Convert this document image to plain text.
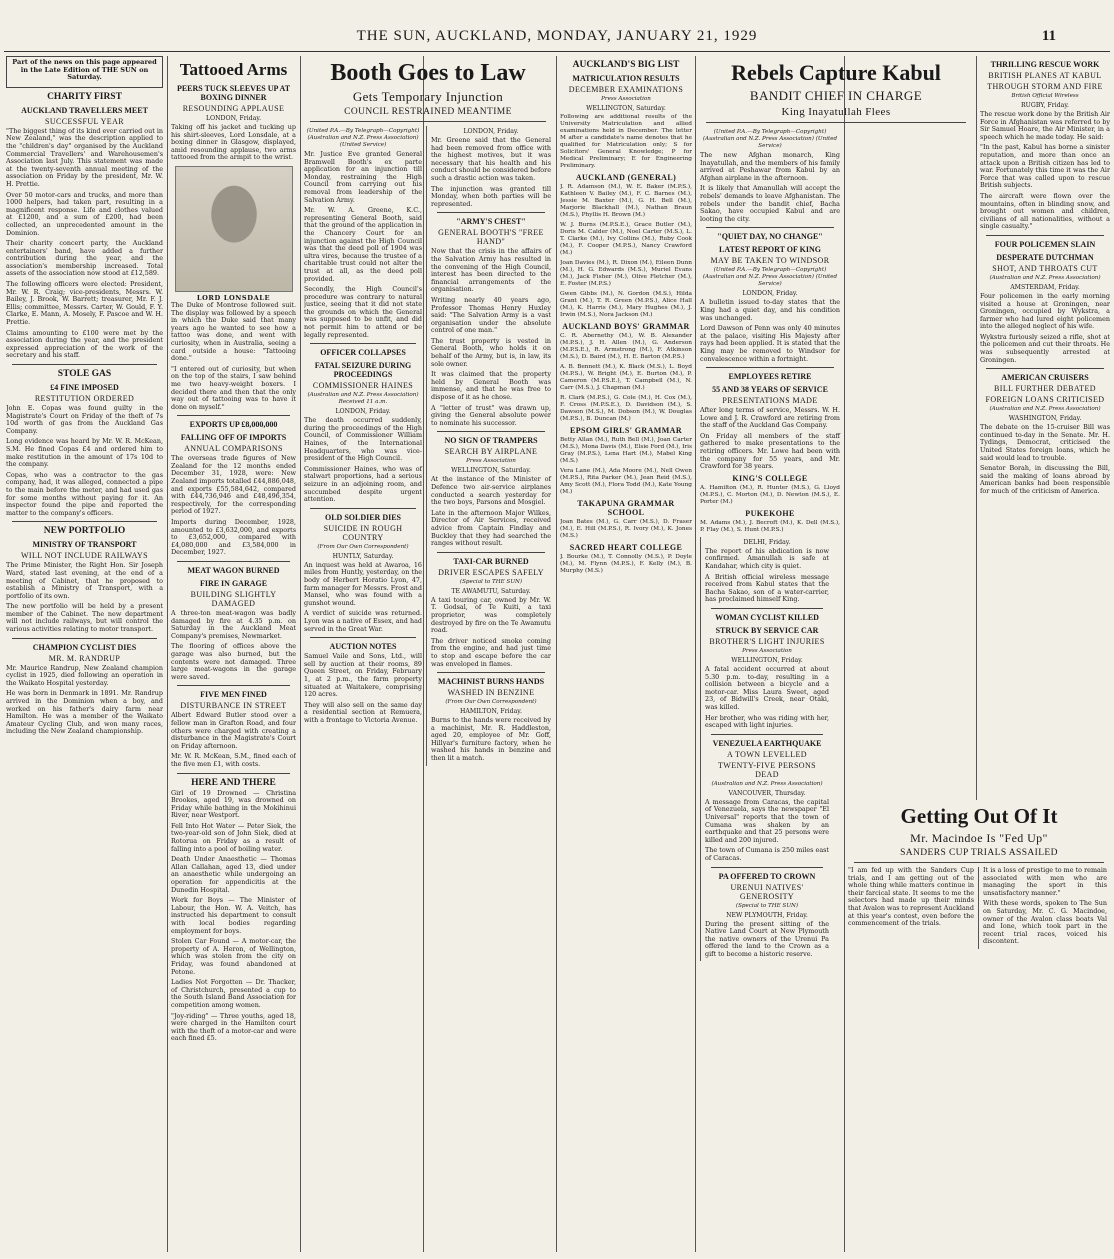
THE SUN, AUCKLAND, MONDAY, JANUARY 21, 1929	11

Part of the news on this page appeared in the Late Edition of THE SUN on Saturday.

CHARITY FIRST
AUCKLAND TRAVELLERS MEET
SUCCESSFUL YEAR

"The biggest thing of its kind ever carried out in New Zealand," was the description applied to the "children's day" organised by the Auckland Commercial Travellers' and Warehousemen's Association last July. This statement was made at the twenty-seventh annual meeting of the association on Friday by the president, Mr. W. H. Prettie.

Over 50 motor-cars and trucks, and more than 1000 helpers, had taken part, resulting in a magnificent response. Life and clothes valued at £1200, and a sum of £200, had been collected, an unprecedented amount in the Dominion.

Their charity concert party, the Auckland entertainers' band, have added a further contribution during the year, and the association's membership increased. Total assets of the association now stood at £12,589.

The following officers were elected: President, Mr. W. R. Craig; vice-presidents, Messrs. W. Bailey, J. Brook, W. Barrett; treasurer, Mr. F. J. Ellis; committee, Messrs. Carter, W. Gould, F. Y. Clarke, E. Mann, A. Mosely, F. Pascoe and W. H. Prettie.

Claims amounting to £100 were met by the association during the year, and the president expressed appreciation of the work of the secretary and his staff.

STOLE GAS
£4 FINE IMPOSED
RESTITUTION ORDERED

John E. Copas was found guilty in the Magistrate's Court on Friday of the theft of 7s 10d worth of gas from the Auckland Gas Company.

Long evidence was heard by Mr. W. R. McKean, S.M. He fined Copas £4 and ordered him to make restitution in the amount of 17s 10d to the company.

Copas, who was a contractor to the gas company, had, it was alleged, connected a pipe to the main before the meter, and had used gas for some months without paying for it. An inspector found the pipe and reported the matter to the company's officers.

NEW PORTFOLIO
MINISTRY OF TRANSPORT
WILL NOT INCLUDE RAILWAYS

The Prime Minister, the Right Hon. Sir Joseph Ward, stated last evening, at the end of a meeting of Cabinet, that he proposed to establish a Ministry of Transport, with a portfolio of its own.

The new portfolio will be held by a present member of the Cabinet. The new department will not include railways, but will control the various activities relating to motor transport.

CHAMPION CYCLIST DIES
MR. M. RANDRUP

Mr. Maurice Randrup, New Zealand champion cyclist in 1925, died following an operation in the Waikato Hospital yesterday.

He was born in Denmark in 1891. Mr. Randrup arrived in the Dominion when a boy, and worked on his father's dairy farm near Hamilton. He was a member of the Waikato Amateur Cycling Club, and won many races, including the New Zealand championship.

Tattooed Arms
PEERS TUCK SLEEVES UP AT BOXING DINNER
RESOUNDING APPLAUSE
LONDON, Friday.

Taking off his jacket and tucking up his shirt-sleeves, Lord Lonsdale, at a boxing dinner in Glasgow, displayed, amid resounding applause, two arms tattooed from the armpit to the wrist.

LORD LONSDALE

The Duke of Montrose followed suit. The display was followed by a speech in which the Duke said that many years ago he wanted to see how a tattoo was done, and went with curiosity, when in Australia, seeing a card outside a house: "Tattooing done."

"I entered out of curiosity, but when on the top of the stairs, I saw behind me two heavy-weight boxers. I decided there and then that the only way out of tattooing was to have it done on myself."

EXPORTS UP £8,000,000
FALLING OFF OF IMPORTS
ANNUAL COMPARISONS

The overseas trade figures of New Zealand for the 12 months ended December 31, 1928, were: New Zealand imports totalled £44,886,048, and exports £55,584,642, compared with £44,736,946 and £48,496,354, respectively, for the corresponding period of 1927.

Imports during December, 1928, amounted to £3,632,000, and exports to £3,652,000, compared with £4,080,000 and £3,584,000 in December, 1927.

MEAT WAGON BURNED
FIRE IN GARAGE
BUILDING SLIGHTLY DAMAGED

A three-ton meat-wagon was badly damaged by fire at 4.35 p.m. on Saturday in the Auckland Meat Company's premises, Newmarket.

The flooring of offices above the garage was also burned, but the contents were not damaged. Three large meat-wagons in the garage were saved.

FIVE MEN FINED
DISTURBANCE IN STREET

Albert Edward Butler stood over a fellow man in Grafton Road, and four others were charged with creating a disturbance in the Magistrate's Court on Friday afternoon.

Mr. W. R. McKean, S.M., fined each of the five men £1, with costs.

HERE AND THERE

Girl of 19 Drowned — Christina Brookes, aged 19, was drowned on Friday while bathing in the Mokihinui River, near Westport.

Fell Into Hot Water — Peter Siek, the two-year-old son of John Siek, died at Rotorua on Friday as a result of falling into a pool of boiling water.

Death Under Anaesthetic — Thomas Allan Callahan, aged 13, died under an anaesthetic while undergoing an operation for appendicitis at the Dunedin Hospital.

Work for Boys — The Minister of Labour, the Hon. W. A. Veitch, has instructed his department to consult with local bodies regarding employment for boys.

Stolen Car Found — A motor-car, the property of A. Heron, of Wellington, which was stolen from the city on Friday, was found abandoned at Petone.

Ladies Not Forgotten — Dr. Thacker, of Christchurch, presented a cup to the South Island Band Association for competition among women.

"Joy-riding" — Three youths, aged 18, were charged in the Hamilton court with the theft of a motor-car and were each fined £5.

Booth Goes to Law
Gets Temporary Injunction
COUNCIL RESTRAINED MEANTIME
(United P.A.—By Telegraph—Copyright) (Australian and N.Z. Press Association) (United Service)

Mr. Justice Eve granted General Bramwell Booth's ex parte application for an injunction till Monday, restraining the High Council from carrying out his removal from leadership of the Salvation Army.

Mr. W. A. Greene, K.C., representing General Booth, said that the ground of the application in the Chancery Court for an injunction against the High Council was that the deed poll of 1904 was ultra vires, because the trustee of a charitable trust could not alter the trust at all, as the deed poll provided.

Secondly, the High Council's procedure was contrary to natural justice, seeing that it did not state the grounds on which the General was supposed to be unfit, and did not permit him to attend or be legally represented.

OFFICER COLLAPSES
FATAL SEIZURE DURING PROCEEDINGS
COMMISSIONER HAINES
(Australian and N.Z. Press Association) Received 11 a.m.
LONDON, Friday.

The death occurred suddenly, during the proceedings of the High Council, of Commissioner William Haines, of the International Headquarters, who was vice-president of the High Council.

Commissioner Haines, who was of stalwart proportions, had a serious seizure in an adjoining room, and succumbed despite urgent attention.

OLD SOLDIER DIES
SUICIDE IN ROUGH COUNTRY
(From Our Own Correspondent)
HUNTLY, Saturday.

An inquest was held at Awaroa, 16 miles from Huntly, yesterday, on the body of Herbert Horatio Lyon, 47, farm manager for Messrs. Frost and Mansel, who was found with a gunshot wound.

A verdict of suicide was returned. Lyon was a native of Essex, and had served in the Great War.

AUCTION NOTES

Samuel Vaile and Sons, Ltd., will sell by auction at their rooms, 89 Queen Street, on Friday, February 1, at 2 p.m., the farm property situated at Waitakere, comprising 120 acres.

They will also sell on the same day a residential section at Remuera, with a frontage to Victoria Avenue.

LONDON, Friday.

Mr. Greene said that the General had been removed from office with the highest motives, but it was necessary that his health and his conduct should be considered before such a drastic action was taken.

The injunction was granted till Monday, when both parties will be represented.

"ARMY'S CHEST"
GENERAL BOOTH'S "FREE HAND"

Now that the crisis in the affairs of the Salvation Army has resulted in the convening of the High Council, interest has been directed to the financial arrangements of the organisation.

Writing nearly 40 years ago, Professor Thomas Henry Huxley said: "The Salvation Army is a vast organisation under the absolute control of one man."

The trust property is vested in General Booth, who holds it on behalf of the Army, but is, in law, its sole owner.

It was claimed that the property held by General Booth was immense, and that he was free to dispose of it as he chose.

A "letter of trust" was drawn up, giving the General absolute power to nominate his successor.

NO SIGN OF TRAMPERS
SEARCH BY AIRPLANE
Press Association
WELLINGTON, Saturday.

At the instance of the Minister of Defence two air-service airplanes conducted a search yesterday for the two boys, Parsons and Mosgiel.

Late in the afternoon Major Wilkes, Director of Air Services, received advice from Captain Findlay and Buckley that they had searched the ranges without result.

TAXI-CAR BURNED
DRIVER ESCAPES SAFELY
(Special to THE SUN)
TE AWAMUTU, Saturday.

A taxi touring car, owned by Mr. W. T. Godsal, of Te Kuiti, a taxi proprietor, was completely destroyed by fire on the Te Awamutu road.

The driver noticed smoke coming from the engine, and had just time to stop and escape before the car was enveloped in flames.

MACHINIST BURNS HANDS
WASHED IN BENZINE
(From Our Own Correspondent)
HAMILTON, Friday.

Burns to the hands were received by a machinist, Mr. R. Haddleston, aged 20, employee of Mr. Goff, Hillyar's furniture factory, when he washed his hands in benzine and then lit a match.

AUCKLAND'S BIG LIST
MATRICULATION RESULTS
DECEMBER EXAMINATIONS
Press Association
WELLINGTON, Saturday.

Following are additional results of the University Matriculation and allied examinations held in December. The letter M after a candidate's name denotes that he qualified for Matriculation only; S for Solicitors' General Knowledge; P for Medical Preliminary; E for Engineering Preliminary.

AUCKLAND (GENERAL)

J. R. Adamson (M.), W. E. Baker (M.P.S.), Kathleen V. Bailey (M.), F. C. Barnes (M.), Jessie M. Baxter (M.), G. H. Bell (M.), Marjorie Blackhall (M.), Nathan Braun (M.S.), Phyllis H. Brown (M.)

W. J. Burns (M.P.S.E.), Grace Butler (M.), Doris M. Calder (M.), Noel Carter (M.S.), L. T. Clarke (M.), Ivy Collins (M.), Ruby Cook (M.), F. Cooper (M.P.S.), Nancy Crawford (M.)

Joan Davies (M.), R. Dixon (M.), Eileen Dunn (M.), H. G. Edwards (M.S.), Muriel Evans (M.), Jack Fisher (M.), Olive Fletcher (M.), E. Foster (M.P.S.)

Gwen Gibbs (M.), N. Gordon (M.S.), Hilda Grant (M.), T. R. Green (M.P.S.), Alice Hall (M.), K. Harris (M.), Mary Hughes (M.), J. Irwin (M.S.), Nora Jackson (M.)

AUCKLAND BOYS' GRAMMAR

C. R. Abernethy (M.), W. B. Alexander (M.P.S.), J. H. Allen (M.), G. Anderson (M.P.S.E.), R. Armstrong (M.), F. Atkinson (M.S.), D. Baird (M.), H. E. Barton (M.P.S.)

A. B. Bennett (M.), K. Black (M.S.), L. Boyd (M.P.S.), W. Bright (M.), E. Burton (M.), P. Cameron (M.P.S.E.), T. Campbell (M.), N. Carr (M.S.), J. Chapman (M.)

R. Clark (M.P.S.), G. Cole (M.), H. Cox (M.), F. Cross (M.P.S.E.), D. Davidson (M.), S. Dawson (M.S.), M. Dobson (M.), W. Douglas (M.P.S.), B. Duncan (M.)

EPSOM GIRLS' GRAMMAR

Betty Allan (M.), Ruth Bell (M.), Joan Carter (M.S.), Mona Davis (M.), Elsie Ford (M.), Iris Gray (M.P.S.), Lena Hart (M.), Mabel King (M.S.)

Vera Lane (M.), Ada Moore (M.), Nell Owen (M.P.S.), Rita Parker (M.), Jean Reid (M.S.), Amy Scott (M.), Flora Todd (M.), Kate Young (M.)

TAKAPUNA GRAMMAR SCHOOL

Joan Bates (M.), G. Carr (M.S.), D. Fraser (M.), E. Hill (M.P.S.), R. Ivory (M.), K. Jones (M.S.)

SACRED HEART COLLEGE

J. Bourke (M.), T. Connolly (M.S.), P. Doyle (M.), M. Flynn (M.P.S.), F. Kelly (M.), B. Murphy (M.S.)

Rebels Capture Kabul
BANDIT CHIEF IN CHARGE
King Inayatullah Flees
(United P.A.—By Telegraph—Copyright) (Australian and N.Z. Press Association) (United Service)

The new Afghan monarch, King Inayatullah, and the members of his family arrived at Peshawar from Kabul by an Afghan airplane in the afternoon.

It is likely that Amanullah will accept the rebels' demands to leave Afghanistan. The rebels under the bandit chief, Bacha Sakao, have occupied Kabul and are looting the city.

"QUIET DAY, NO CHANGE"
LATEST REPORT OF KING
MAY BE TAKEN TO WINDSOR
(United P.A.—By Telegraph—Copyright) (Australian and N.Z. Press Association) (United Service)
LONDON, Friday.

A bulletin issued to-day states that the King had a quiet day, and his condition was unchanged.

Lord Dawson of Penn was only 40 minutes at the palace, visiting His Majesty after rays had been applied. It is stated that the King may be removed to Windsor for convalescence within a fortnight.

EMPLOYEES RETIRE
55 AND 38 YEARS OF SERVICE
PRESENTATIONS MADE

After long terms of service, Messrs. W. H. Lowe and J. R. Crawford are retiring from the staff of the Auckland Gas Company.

On Friday all members of the staff gathered to make presentations to the retiring officers. Mr. Lowe had been with the company for 55 years, and Mr. Crawford for 38 years.

KING'S COLLEGE

A. Hamilton (M.), R. Hunter (M.S.), G. Lloyd (M.P.S.), C. Morton (M.), D. Newton (M.S.), E. Porter (M.)

PUKEKOHE

M. Adams (M.), J. Becroft (M.), K. Dell (M.S.), P. Flay (M.), S. Hunt (M.P.S.)

DELHI, Friday.

The report of his abdication is now confirmed. Amanullah is safe at Kandahar, which city is quiet.

A British official wireless message received from Kabul states that the Bacha Sakao, son of a water-carrier, has proclaimed himself King.

WOMAN CYCLIST KILLED
STRUCK BY SERVICE CAR
BROTHER'S LIGHT INJURIES
Press Association
WELLINGTON, Friday.

A fatal accident occurred at about 5.30 p.m. to-day, resulting in a collision between a bicycle and a motor-car. Miss Laura Sweet, aged 23, of Bidwill's Creek, near Otaki, was killed.

Her brother, who was riding with her, escaped with light injuries.

VENEZUELA EARTHQUAKE
A TOWN LEVELLED
TWENTY-FIVE PERSONS DEAD
(Australian and N.Z. Press Association)
VANCOUVER, Thursday.

A message from Caracas, the capital of Venezuela, says the newspaper "El Universal" reports that the town of Cumana was shaken by an earthquake and that 25 persons were killed and 200 injured.

The town of Cumana is 250 miles east of Caracas.

PA OFFERED TO CROWN
URENUI NATIVES' GENEROSITY
(Special to THE SUN)
NEW PLYMOUTH, Friday.

During the present sitting of the Native Land Court at New Plymouth the native owners of the Urenui Pa offered the land to the Crown as a gift to become a historic reserve.

Getting Out Of It
Mr. Macindoe Is "Fed Up"
SANDERS CUP TRIALS ASSAILED

"I am fed up with the Sanders Cup trials, and I am getting out of the whole thing while matters continue in their farcical state. It seems to me the selectors had made up their minds that Avalon was to represent Auckland at this year's contest, even before the commencement of the trials.

It is a loss of prestige to me to remain associated with men who are managing the sport in this unsatisfactory manner."

With these words, spoken to The Sun on Saturday, Mr. C. G. Macindoe, owner of the Avalon class boats Val and Ione, which took part in the recent trial races, voiced his discontent.

THRILLING RESCUE WORK
BRITISH PLANES AT KABUL
THROUGH STORM AND FIRE
British Official Wireless
RUGBY, Friday.

The rescue work done by the British Air Force in Afghanistan was referred to by Sir Samuel Hoare, the Air Minister, in a speech which he made today. He said:

"In the past, Kabul has borne a sinister reputation, and more than once an attack upon a British citizen has led to war. Fortunately this time it was the Air Force that was called upon to rescue British subjects.

The aircraft were flown over the mountains, often in blinding snow, and brought out women and children, civilians of all nationalities, without a single casualty."

FOUR POLICEMEN SLAIN
DESPERATE DUTCHMAN
SHOT, AND THROATS CUT
(Australian and N.Z. Press Association)
AMSTERDAM, Friday.

Four policemen in the early morning visited a house at Groningen, near Groningen, occupied by Wykstra, a farmer who had lured eight policemen into the alleged neglect of his wife.

Wykstra furiously seized a rifle, shot at the policemen and cut their throats. He was subsequently arrested at Groningen.

AMERICAN CRUISERS
BILL FURTHER DEBATED
FOREIGN LOANS CRITICISED
(Australian and N.Z. Press Association)
WASHINGTON, Friday.

The debate on the 15-cruiser Bill was continued to-day in the Senate. Mr. H. Tydings, Democrat, criticised the United States foreign loans, which he said would lead to trouble.

Senator Borah, in discussing the Bill, said the making of loans abroad by American banks had been responsible for much of the criticism of America.
